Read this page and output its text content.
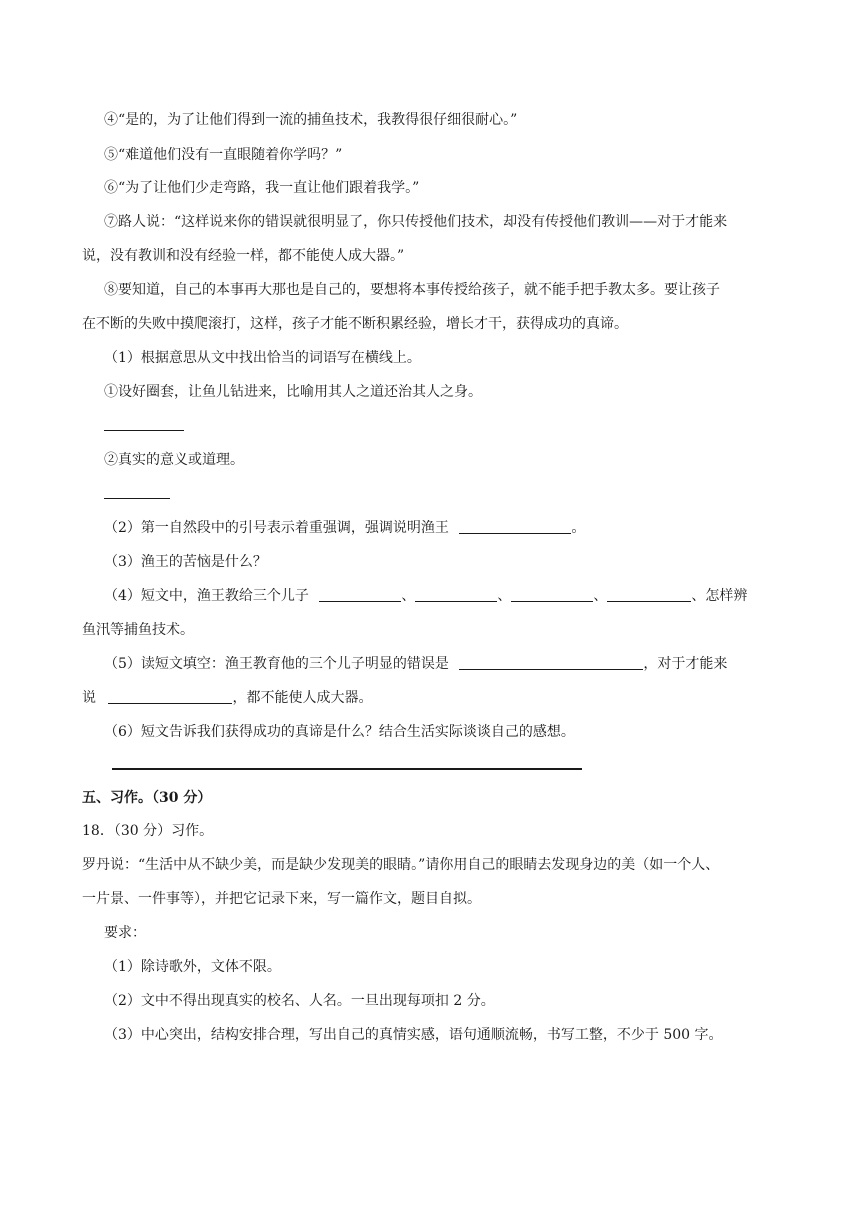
④“是的，为了让他们得到一流的捕鱼技术，我教得很仔细很耐心。”
⑤“难道他们没有一直眼随着你学吗？”
⑥“为了让他们少走弯路，我一直让他们跟着我学。”
⑦路人说：“这样说来你的错误就很明显了，你只传授他们技术，却没有传授他们教训——对于才能来
说，没有教训和没有经验一样，都不能使人成大器。”
⑧要知道，自己的本事再大那也是自己的，要想将本事传授给孩子，就不能手把手教太多。要让孩子
在不断的失败中摸爬滚打，这样，孩子才能不断积累经验，增长才干，获得成功的真谛。
（1）根据意思从文中找出恰当的词语写在横线上。
①设好圈套，让鱼儿钻进来，比喻用其人之道还治其人之身。
②真实的意义或道理。
（2）第一自然段中的引号表示着重强调，强调说明渔王	。
（3）渔王的苦恼是什么？
（4）短文中，渔王教给三个儿子	、	、	、	、怎样辨
鱼汛等捕鱼技术。
（5）读短文填空：渔王教育他的三个儿子明显的错误是	，对于才能来
说	，都不能使人成大器。
（6）短文告诉我们获得成功的真谛是什么？结合生活实际谈谈自己的感想。
五、习作。（30 分）
18．（30 分）习作。
罗丹说：“生活中从不缺少美，而是缺少发现美的眼睛。”请你用自己的眼睛去发现身边的美（如一个人、
一片景、一件事等），并把它记录下来，写一篇作文，题目自拟。
要求：
（1）除诗歌外，文体不限。
（2）文中不得出现真实的校名、人名。一旦出现每项扣 2 分。
（3）中心突出，结构安排合理，写出自己的真情实感，语句通顺流畅，书写工整，不少于 500 字。
